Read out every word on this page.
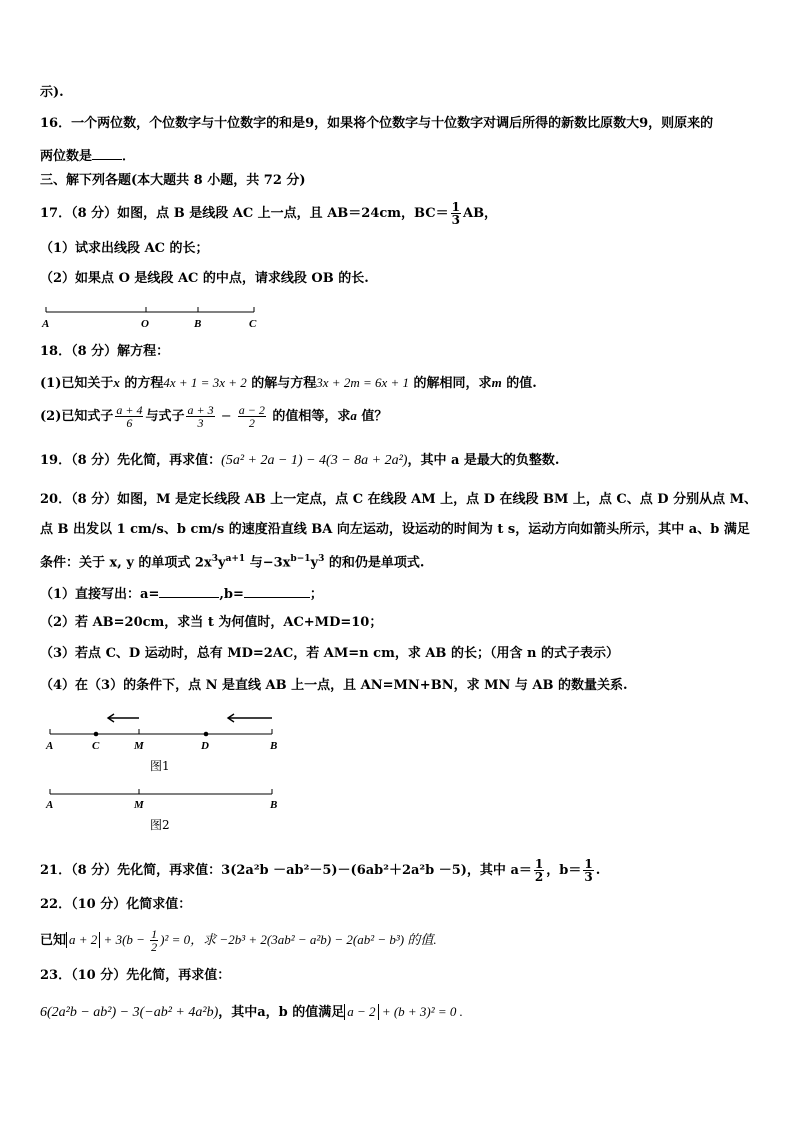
示).
16．一个两位数，个位数字与十位数字的和是9，如果将个位数字与十位数字对调后所得的新数比原数大9，则原来的
两位数是 ．
三、解下列各题(本大题共 8 小题，共 72 分)
17．（8 分）如图，点 B 是线段 AC 上一点，且 AB＝24cm，$BC= \frac{1}{3}$ AB，
（1）试求出线段 AC 的长；
（2）如果点 O 是线段 AC 的中点，请求线段 OB 的长.
A	O	B	C
18．（8 分）解方程：
(1)已知关于x 的方程4x + 1 = 3x + 2 的解与方程3x + 2m = 6x + 1 的解相同，求m 的值.
(2)已知式子 $\frac{a + 4}{6}$ 与式子 $\frac{a + 3}{3} - \frac{a - 2}{2}$ 的值相等，求a 值？
19．（8 分）先化简，再求值：(5a² + 2a − 1) − 4(3 − 8a + 2a²)，其中 a 是最大的负整数.
20．（8 分）如图，M 是定长线段 AB 上一定点，点 C 在线段 AM 上，点 D 在线段 BM 上，点 C、点 D 分别从点 M、
点 B 出发以 1 cm/s、b cm/s 的速度沿直线 BA 向左运动，设运动的时间为 t s，运动方向如箭头所示，其中 a、b 满足
条件：关于 x, y 的单项式 $2x^3y^{a+1}$ 与$-3x^{b-1}y^3$ 的和仍是单项式.
（1）直接写出：a=	,b=	；
（2）若 AB=20cm，求当 t 为何值时，AC+MD=10；
（3）若点 C、D 运动时，总有 MD=2AC，若 AM=n cm，求 AB 的长；（用含 n 的式子表示）
（4）在（3）的条件下，点 N 是直线 AB 上一点，且 AN=MN+BN，求 MN 与 AB 的数量关系.
A	C	M	D	B
图1
A	M	B
图2
21．（8 分）先化简，再求值：3(2a²b －ab²－5)－(6ab²＋2a²b －5)，其中 $a= \frac{1}{2}$ ，$b= \frac{1}{3}$ .
22．（10 分）化简求值：
已知 $a + 2 + 3(b - \frac{1}{2} )^2 = 0$，求 −2b³ + 2(3ab² − a²b) − 2(ab² − b³) 的值.
23．（10 分）先化简，再求值：
6(2a²b − ab²) − 3(−ab² + 4a²b)，其中a，b 的值满足 a − 2 + (b + 3)² = 0 .
